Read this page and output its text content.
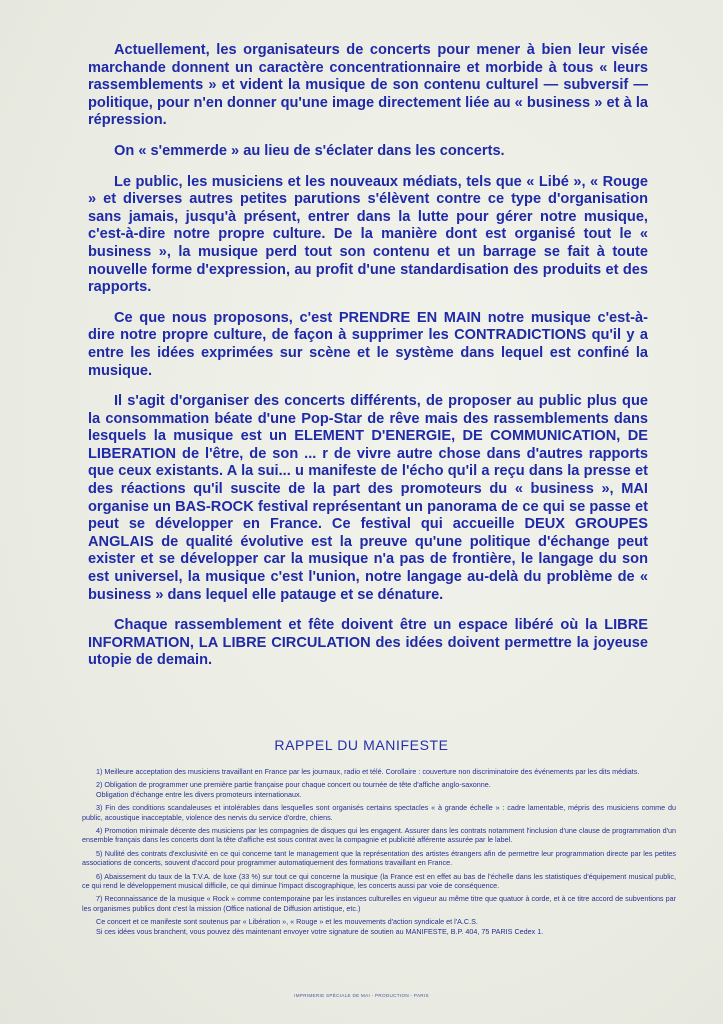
Actuellement, les organisateurs de concerts pour mener à bien leur visée marchande donnent un caractère concentrationnaire et morbide à tous « leurs rassemblements » et vident la musique de son contenu culturel — subversif — politique, pour n'en donner qu'une image directement liée au « business » et à la répression.

On « s'emmerde » au lieu de s'éclater dans les concerts.

Le public, les musiciens et les nouveaux médiats, tels que « Libé », « Rouge » et diverses autres petites parutions s'élèvent contre ce type d'organisation sans jamais, jusqu'à présent, entrer dans la lutte pour gérer notre musique, c'est-à-dire notre propre culture. De la manière dont est organisé tout le « business », la musique perd tout son contenu et un barrage se fait à toute nouvelle forme d'expression, au profit d'une standardisation des produits et des rapports.

Ce que nous proposons, c'est PRENDRE EN MAIN notre musique c'est-à-dire notre propre culture, de façon à supprimer les CONTRADICTIONS qu'il y a entre les idées exprimées sur scène et le système dans lequel est confiné la musique.

Il s'agit d'organiser des concerts différents, de proposer au public plus que la consommation béate d'une Pop-Star de rêve mais des rassemblements dans lesquels la musique est un ELEMENT D'ENERGIE, DE COMMUNICATION, DE LIBERATION de l'être, de son ... r de vivre autre chose dans d'autres rapports que ceux existants. A la sui... u manifeste de l'écho qu'il a reçu dans la presse et des réactions qu'il suscite de la part des promoteurs du « business », MAI organise un BAS-ROCK festival représentant un panorama de ce qui se passe et peut se développer en France. Ce festival qui accueille DEUX GROUPES ANGLAIS de qualité évolutive est la preuve qu'une politique d'échange peut exister et se développer car la musique n'a pas de frontière, le langage du son est universel, la musique c'est l'union, notre langage au-delà du problème de « business » dans lequel elle patauge et se dénature.

Chaque rassemblement et fête doivent être un espace libéré où la LIBRE INFORMATION, LA LIBRE CIRCULATION des idées doivent permettre la joyeuse utopie de demain.

RAPPEL DU MANIFESTE

1) Meilleure acceptation des musiciens travaillant en France par les journaux, radio et télé. Corollaire : couverture non discriminatoire des événements par les dits médiats.

2) Obligation de programmer une première partie française pour chaque concert ou tournée de tête d'affiche anglo-saxonne.

Obligation d'échange entre les divers promoteurs internationaux.

3) Fin des conditions scandaleuses et intolérables dans lesquelles sont organisés certains spectacles « à grande échelle » : cadre lamentable, mépris des musiciens comme du public, acoustique inacceptable, violence des nervis du service d'ordre, chiens.

4) Promotion minimale décente des musiciens par les compagnies de disques qui les engagent. Assurer dans les contrats notamment l'inclusion d'une clause de programmation d'un ensemble français dans les concerts dont la tête d'affiche est sous contrat avec la compagnie et publicité afférente assurée par le label.

5) Nullité des contrats d'exclusivité en ce qui concerne tant le management que la représentation des artistes étrangers afin de permettre leur programmation directe par les petites associations de concerts, souvent d'accord pour programmer automatiquement des formations travaillant en France.

6) Abaissement du taux de la T.V.A. de luxe (33 %) sur tout ce qui concerne la musique (la France est en effet au bas de l'échelle dans les statistiques d'équipement musical public, ce qui rend le développement musical difficile, ce qui diminue l'impact discographique, les concerts aussi par voie de conséquence.

7) Reconnaissance de la musique « Rock » comme contemporaine par les instances culturelles en vigueur au même titre que quatuor à corde, et à ce titre accord de subventions par les organismes publics dont c'est la mission (Office national de Diffusion artistique, etc.)

Ce concert et ce manifeste sont soutenus par « Libération », « Rouge » et les mouvements d'action syndicale et l'A.C.S.

Si ces idées vous branchent, vous pouvez dès maintenant envoyer votre signature de soutien au MANIFESTE, B.P. 404, 75 PARIS Cedex 1.

IMPRIMERIE SPÉCIALE DE MAI - PRODUCTION - PARIS
